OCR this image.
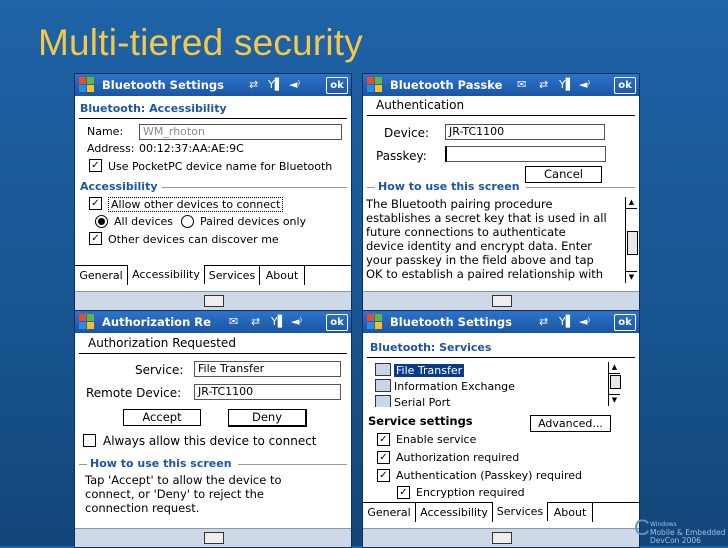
Multi-tiered security
Bluetooth Settings ⇄ Y▌ ◄⁾	ok
Bluetooth: Accessibility
Name:	WM_rhoton
Address: 00:12:37:AA:AE:9C
✓ Use PocketPC device name for Bluetooth
Accessibility
✓ Allow other devices to connect
All devices Paired devices only
✓ Other devices can discover me
General Accessibility Services About
Bluetooth Passke ✉ ⇄ Y▌ ◄⁾	ok
Authentication
Device:	JR-TC1100
Passkey:
Cancel
How to use this screen
The Bluetooth pairing procedure
establishes a secret key that is used in all
future connections to authenticate
device identity and encrypt data. Enter
your passkey in the field above and tap
OK to establish a paired relationship with
▲
▼
Authorization Re ✉ ⇄ Y▌ ◄⁾	ok
Authorization Requested
Service:	File Transfer
Remote Device:	JR-TC1100
Accept	Deny
Always allow this device to connect
How to use this screen
Tap 'Accept' to allow the device to
connect, or 'Deny' to reject the
connection request.
Bluetooth Settings ⇄ Y▌ ◄⁾	ok
Bluetooth: Services
File Transfer
Information Exchange
Serial Port
▲
▼
Service settings	Advanced...
✓ Enable service
✓ Authorization required
✓ Authentication (Passkey) required
✓ Encryption required
General Accessibility Services About
C Windows
Mobile & Embedded
DevCon 2006
